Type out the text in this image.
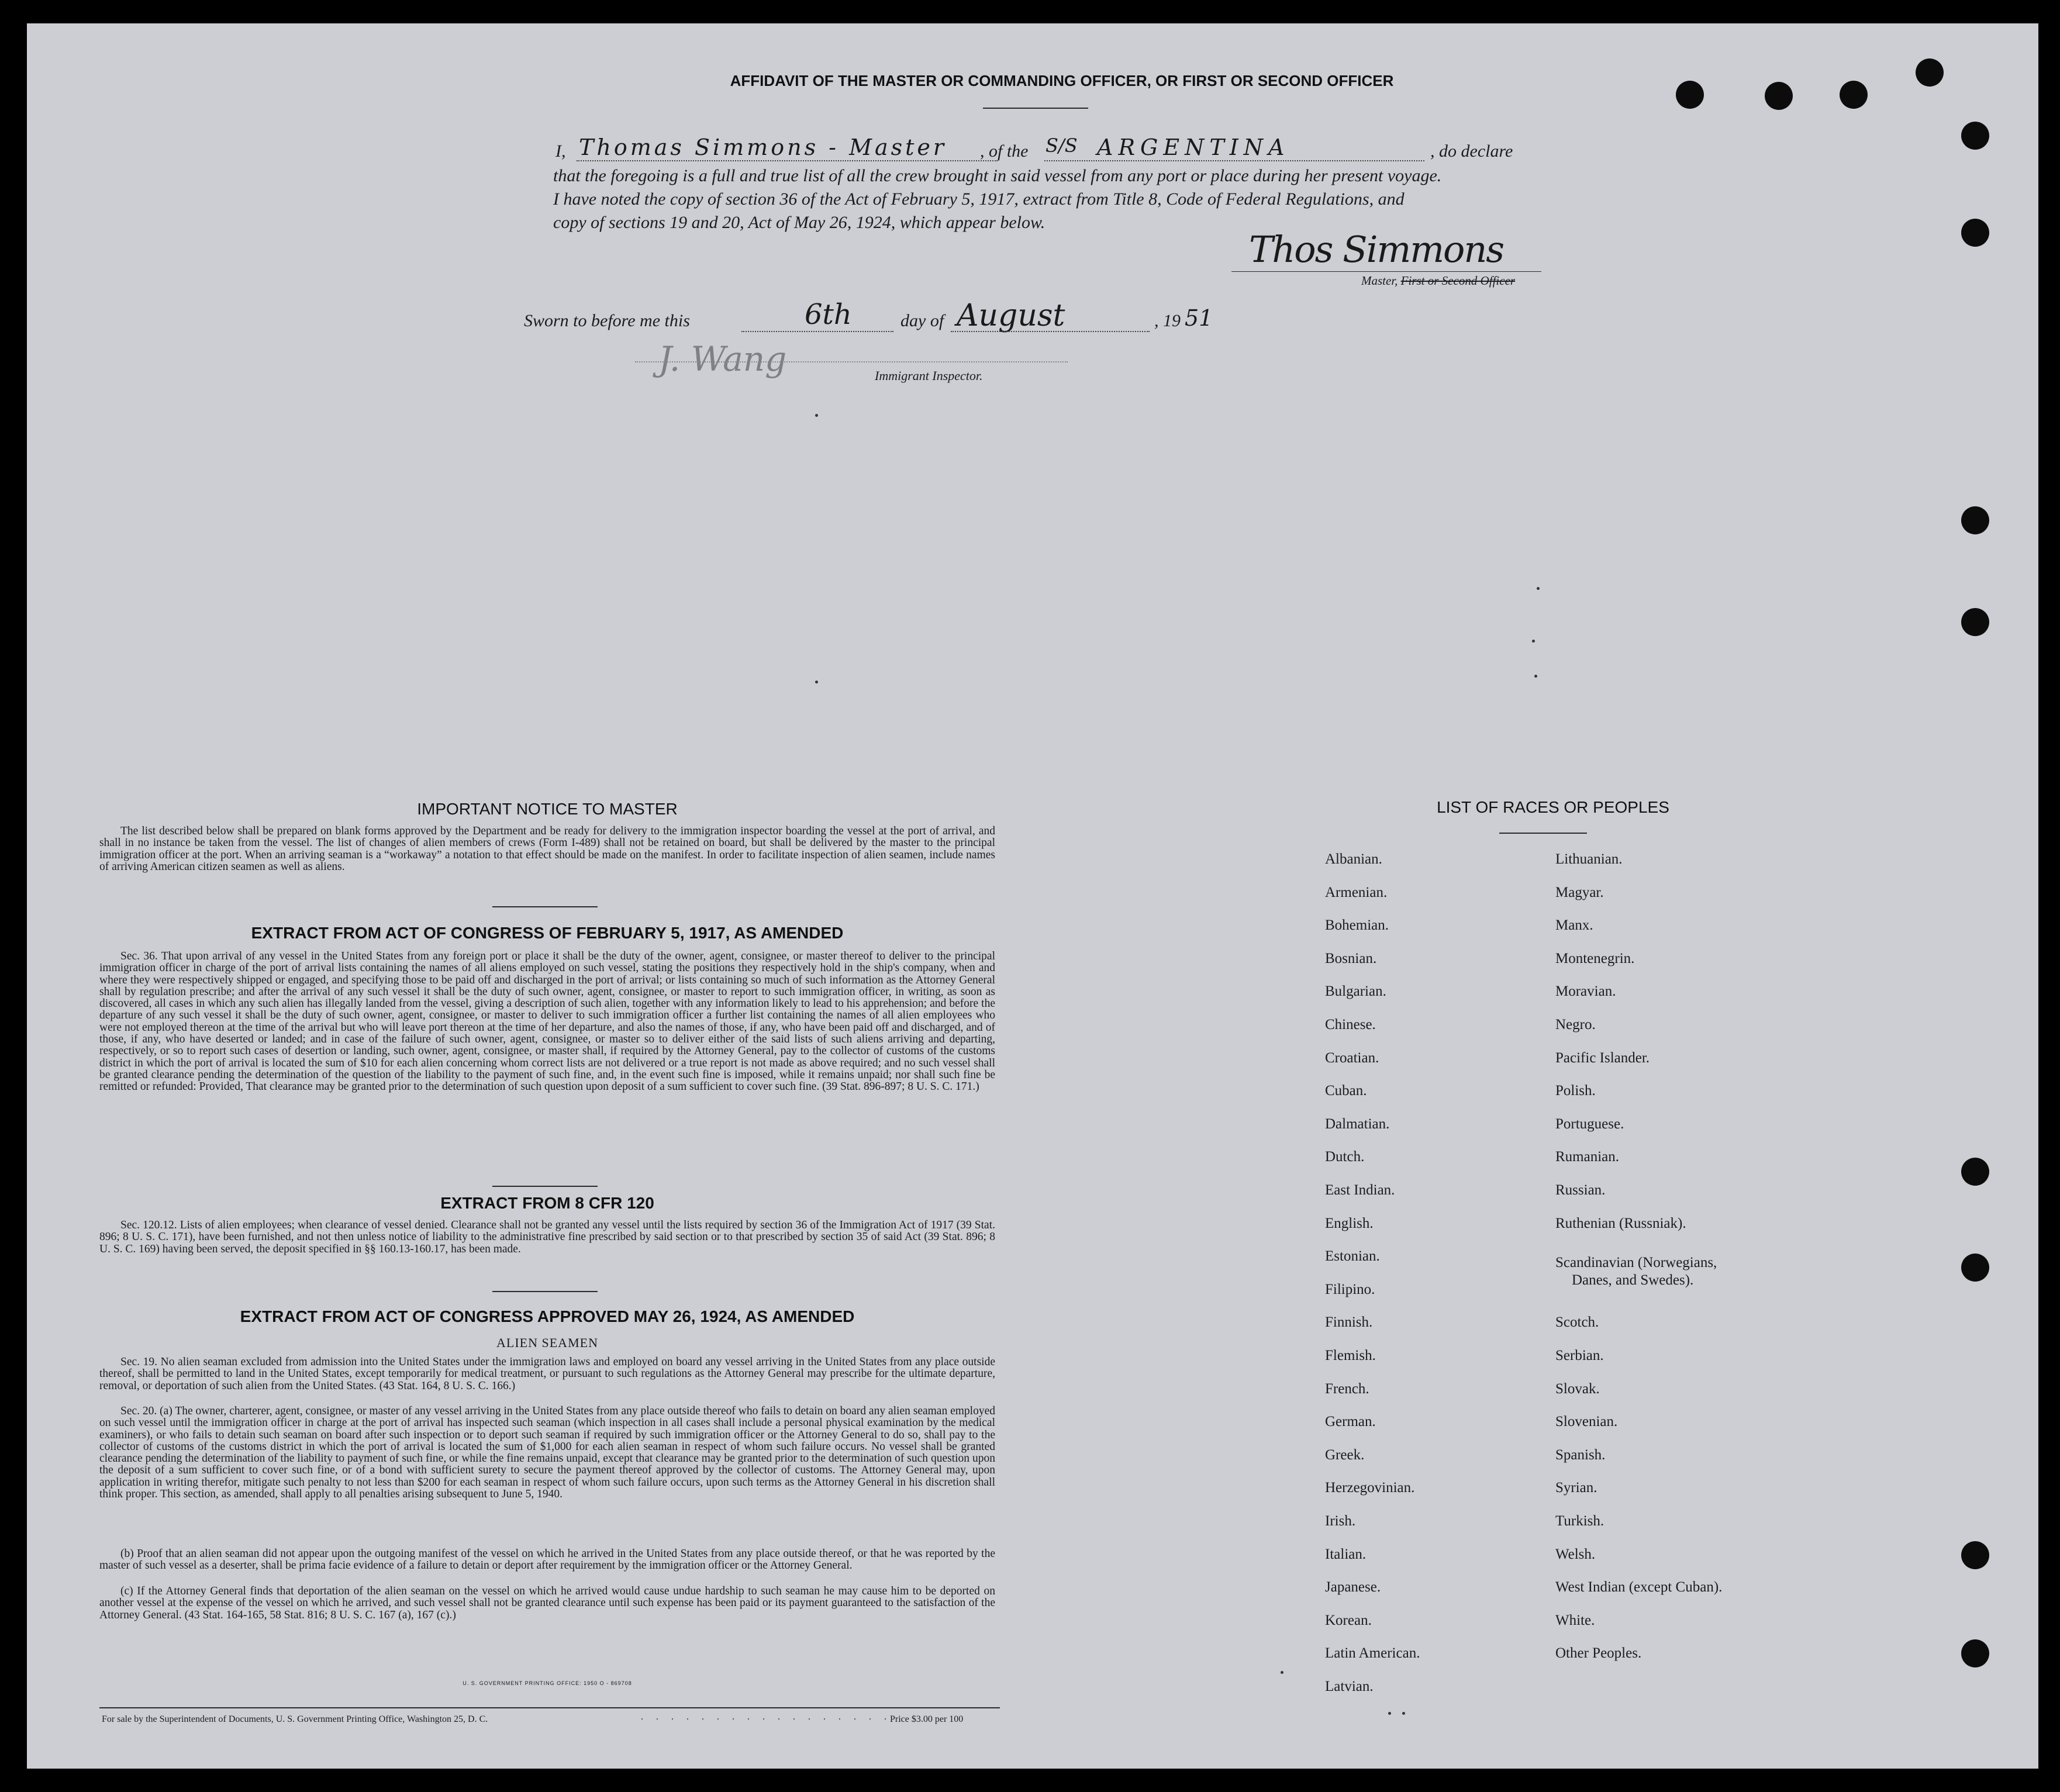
AFFIDAVIT OF THE MASTER OR COMMANDING OFFICER, OR FIRST OR SECOND OFFICER
I, Thomas Simmons - Master , of the S/S ARGENTINA	, do declare
that the foregoing is a full and true list of all the crew brought in said vessel from any port or place during her present voyage.
I have noted the copy of section 36 of the Act of February 5, 1917, extract from Title 8, Code of Federal Regulations, and
copy of sections 19 and 20, Act of May 26, 1924, which appear below.
Thos Simmons
Master, First or Second Officer
Sworn to before me this	6th	day of August	, 19 51
J. Wang	Immigrant Inspector.
IMPORTANT NOTICE TO MASTER
The list described below shall be prepared on blank forms approved by the Department and be ready for delivery to the immigration inspector boarding the vessel at the port of arrival, and shall in no instance be taken from the vessel. The list of changes of alien members of crews (Form I-489) shall not be retained on board, but shall be delivered by the master to the principal immigration officer at the port. When an arriving seaman is a “workaway” a notation to that effect should be made on the manifest. In order to facilitate inspection of alien seamen, include names of arriving American citizen seamen as well as aliens.
EXTRACT FROM ACT OF CONGRESS OF FEBRUARY 5, 1917, AS AMENDED
Sec. 36. That upon arrival of any vessel in the United States from any foreign port or place it shall be the duty of the owner, agent, consignee, or master thereof to deliver to the principal immigration officer in charge of the port of arrival lists containing the names of all aliens employed on such vessel, stating the positions they respectively hold in the ship's company, when and where they were respectively shipped or engaged, and specifying those to be paid off and discharged in the port of arrival; or lists containing so much of such information as the Attorney General shall by regulation prescribe; and after the arrival of any such vessel it shall be the duty of such owner, agent, consignee, or master to report to such immigration officer, in writing, as soon as discovered, all cases in which any such alien has illegally landed from the vessel, giving a description of such alien, together with any information likely to lead to his apprehension; and before the departure of any such vessel it shall be the duty of such owner, agent, consignee, or master to deliver to such immigration officer a further list containing the names of all alien employees who were not employed thereon at the time of the arrival but who will leave port thereon at the time of her departure, and also the names of those, if any, who have been paid off and discharged, and of those, if any, who have deserted or landed; and in case of the failure of such owner, agent, consignee, or master so to deliver either of the said lists of such aliens arriving and departing, respectively, or so to report such cases of desertion or landing, such owner, agent, consignee, or master shall, if required by the Attorney General, pay to the collector of customs of the customs district in which the port of arrival is located the sum of $10 for each alien concerning whom correct lists are not delivered or a true report is not made as above required; and no such vessel shall be granted clearance pending the determination of the question of the liability to the payment of such fine, and, in the event such fine is imposed, while it remains unpaid; nor shall such fine be remitted or refunded: Provided, That clearance may be granted prior to the determination of such question upon deposit of a sum sufficient to cover such fine. (39 Stat. 896-897; 8 U. S. C. 171.)
EXTRACT FROM 8 CFR 120
Sec. 120.12. Lists of alien employees; when clearance of vessel denied. Clearance shall not be granted any vessel until the lists required by section 36 of the Immigration Act of 1917 (39 Stat. 896; 8 U. S. C. 171), have been furnished, and not then unless notice of liability to the administrative fine prescribed by said section or to that prescribed by section 35 of said Act (39 Stat. 896; 8 U. S. C. 169) having been served, the deposit specified in §§ 160.13-160.17, has been made.
EXTRACT FROM ACT OF CONGRESS APPROVED MAY 26, 1924, AS AMENDED
ALIEN SEAMEN
Sec. 19. No alien seaman excluded from admission into the United States under the immigration laws and employed on board any vessel arriving in the United States from any place outside thereof, shall be permitted to land in the United States, except temporarily for medical treatment, or pursuant to such regulations as the Attorney General may prescribe for the ultimate departure, removal, or deportation of such alien from the United States. (43 Stat. 164, 8 U. S. C. 166.)
Sec. 20. (a) The owner, charterer, agent, consignee, or master of any vessel arriving in the United States from any place outside thereof who fails to detain on board any alien seaman employed on such vessel until the immigration officer in charge at the port of arrival has inspected such seaman (which inspection in all cases shall include a personal physical examination by the medical examiners), or who fails to detain such seaman on board after such inspection or to deport such seaman if required by such immigration officer or the Attorney General to do so, shall pay to the collector of customs of the customs district in which the port of arrival is located the sum of $1,000 for each alien seaman in respect of whom such failure occurs. No vessel shall be granted clearance pending the determination of the liability to payment of such fine, or while the fine remains unpaid, except that clearance may be granted prior to the determination of such question upon the deposit of a sum sufficient to cover such fine, or of a bond with sufficient surety to secure the payment thereof approved by the collector of customs. The Attorney General may, upon application in writing therefor, mitigate such penalty to not less than $200 for each seaman in respect of whom such failure occurs, upon such terms as the Attorney General in his discretion shall think proper. This section, as amended, shall apply to all penalties arising subsequent to June 5, 1940.
(b) Proof that an alien seaman did not appear upon the outgoing manifest of the vessel on which he arrived in the United States from any place outside thereof, or that he was reported by the master of such vessel as a deserter, shall be prima facie evidence of a failure to detain or deport after requirement by the immigration officer or the Attorney General.
(c) If the Attorney General finds that deportation of the alien seaman on the vessel on which he arrived would cause undue hardship to such seaman he may cause him to be deported on another vessel at the expense of the vessel on which he arrived, and such vessel shall not be granted clearance until such expense has been paid or its payment guaranteed to the satisfaction of the Attorney General. (43 Stat. 164-165, 58 Stat. 816; 8 U. S. C. 167 (a), 167 (c).)
U. S. GOVERNMENT PRINTING OFFICE: 1950 O - 869708
For sale by the Superintendent of Documents, U. S. Government Printing Office, Washington 25, D. C.	. . . . . . . . . . . . . . . . .
Price $3.00 per 100
LIST OF RACES OR PEOPLES
Albanian.
Armenian.
Bohemian.
Bosnian.
Bulgarian.
Chinese.
Croatian.
Cuban.
Dalmatian.
Dutch.
East Indian.
English.
Estonian.
Filipino.
Finnish.
Flemish.
French.
German.
Greek.
Herzegovinian.
Irish.
Italian.
Japanese.
Korean.
Latin American.
Latvian.
Lithuanian.
Magyar.
Manx.
Montenegrin.
Moravian.
Negro.
Pacific Islander.
Polish.
Portuguese.
Rumanian.
Russian.
Ruthenian (Russniak).
Scandinavian (Norwegians,
Danes, and Swedes).
Scotch.
Serbian.
Slovak.
Slovenian.
Spanish.
Syrian.
Turkish.
Welsh.
West Indian (except Cuban).
White.
Other Peoples.
